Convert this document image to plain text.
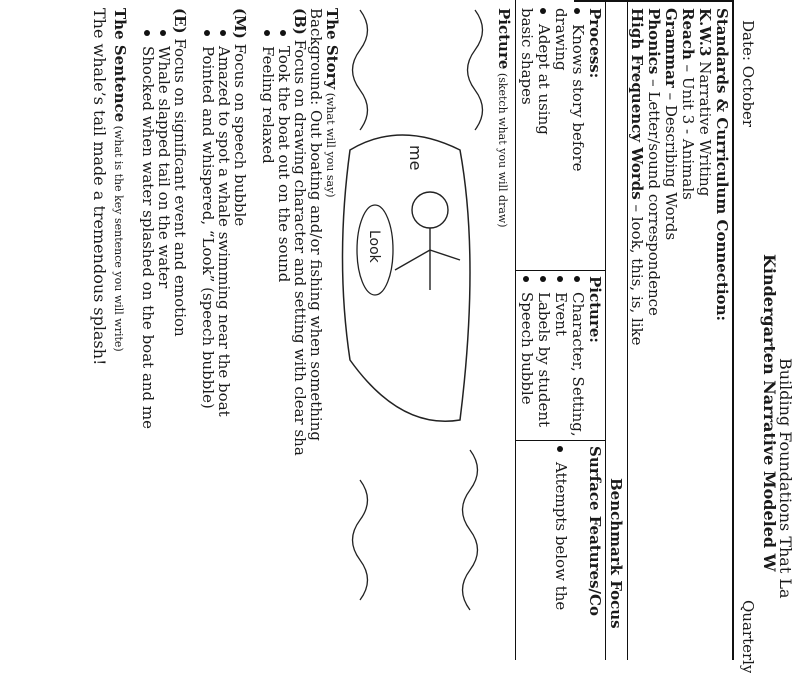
Building Foundations That La
Kindergarten Narrative Modeled W
Date: October
Quarterly
Standards & Curriculum Connection:
K.W.3 Narrative Writing
Reach – Unit 3 - Animals
Grammar – Describing Words
Phonics – Letter/sound correspondence
High Frequency Words – look, this, is, like
Benchmark Focus
Process:
Knows story before drawing
Adept at using basic shapes
Picture:
Character, Setting,
Event
Labels by student
Speech bubble
Surface Features/Co
Attempts below the
Picture (sketch what you will draw)
me
Look
The Story (what will you say)
Background: Out boating and/or fishing when something
(B) Focus on drawing character and setting with clear sha
Took the boat out on the sound
Feeling relaxed
(M) Focus on speech bubble
Amazed to spot a whale swimming near the boat
Pointed and whispered, “Look” (speech bubble)
(E) Focus on significant event and emotion
Whale slapped tail on the water
Shocked when water splashed on the boat and me
The Sentence (what is the key sentence you will write)
The whale’s tail made a tremendous splash!
